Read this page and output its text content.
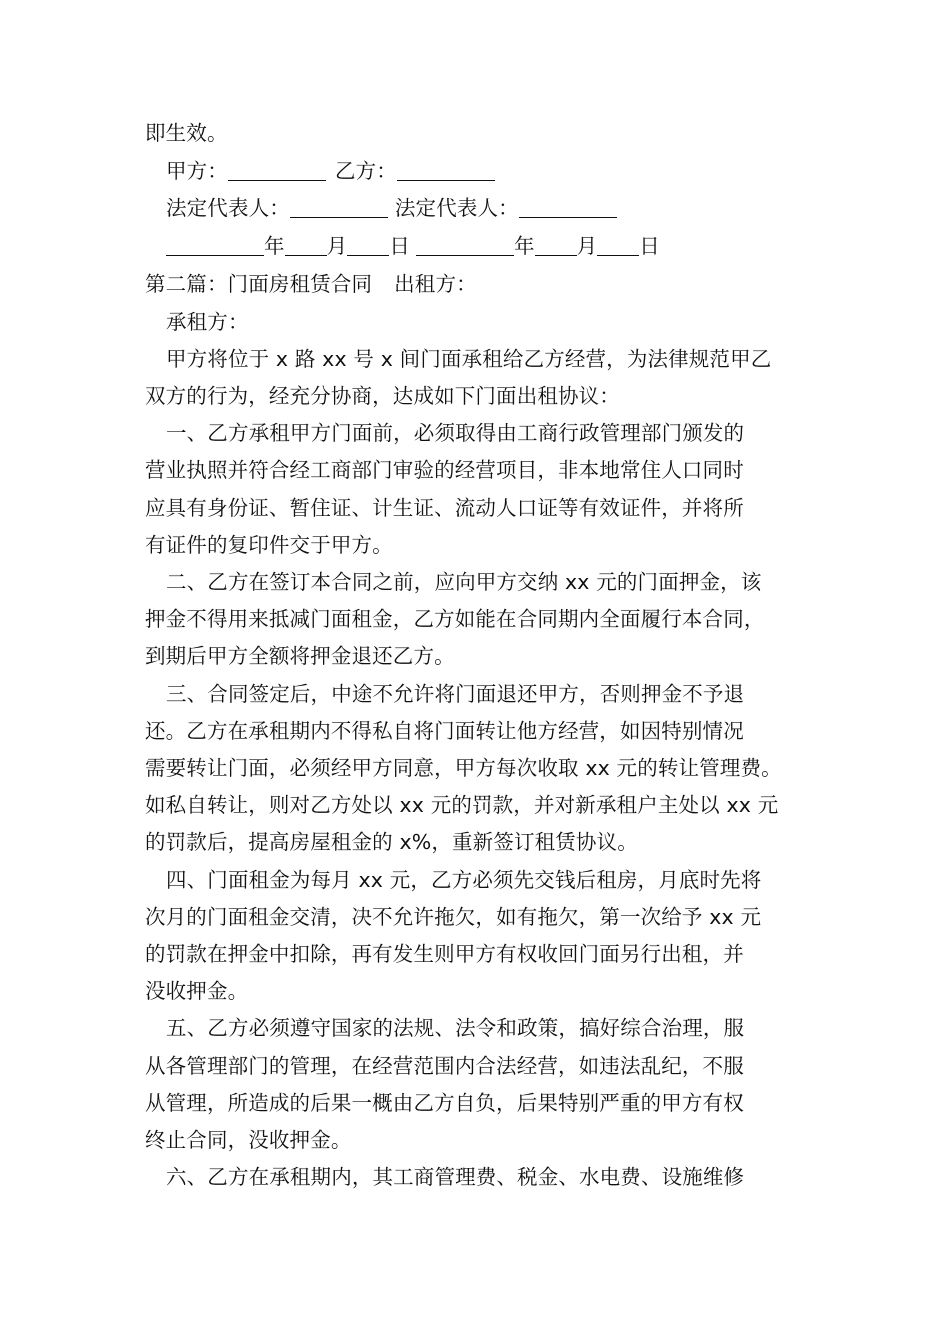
即生效。
甲方：	乙方：
法定代表人：	法定代表人：
年 月 日	年 月 日
第二篇：门面房租赁合同 出租方：
承租方：
甲方将位于 x 路 xx 号 x 间门面承租给乙方经营，为法律规范甲乙
双方的行为，经充分协商，达成如下门面出租协议：
一、乙方承租甲方门面前，必须取得由工商行政管理部门颁发的
营业执照并符合经工商部门审验的经营项目，非本地常住人口同时
应具有身份证、暂住证、计生证、流动人口证等有效证件，并将所
有证件的复印件交于甲方。
二、乙方在签订本合同之前，应向甲方交纳 xx 元的门面押金，该
押金不得用来抵减门面租金，乙方如能在合同期内全面履行本合同，
到期后甲方全额将押金退还乙方。
三、合同签定后，中途不允许将门面退还甲方，否则押金不予退
还。乙方在承租期内不得私自将门面转让他方经营，如因特别情况
需要转让门面，必须经甲方同意，甲方每次收取 xx 元的转让管理费。
如私自转让，则对乙方处以 xx 元的罚款，并对新承租户主处以 xx 元
的罚款后，提高房屋租金的 x%，重新签订租赁协议。
四、门面租金为每月 xx 元，乙方必须先交钱后租房，月底时先将
次月的门面租金交清，决不允许拖欠，如有拖欠，第一次给予 xx 元
的罚款在押金中扣除，再有发生则甲方有权收回门面另行出租，并
没收押金。
五、乙方必须遵守国家的法规、法令和政策，搞好综合治理，服
从各管理部门的管理，在经营范围内合法经营，如违法乱纪，不服
从管理，所造成的后果一概由乙方自负，后果特别严重的甲方有权
终止合同，没收押金。
六、乙方在承租期内，其工商管理费、税金、水电费、设施维修
